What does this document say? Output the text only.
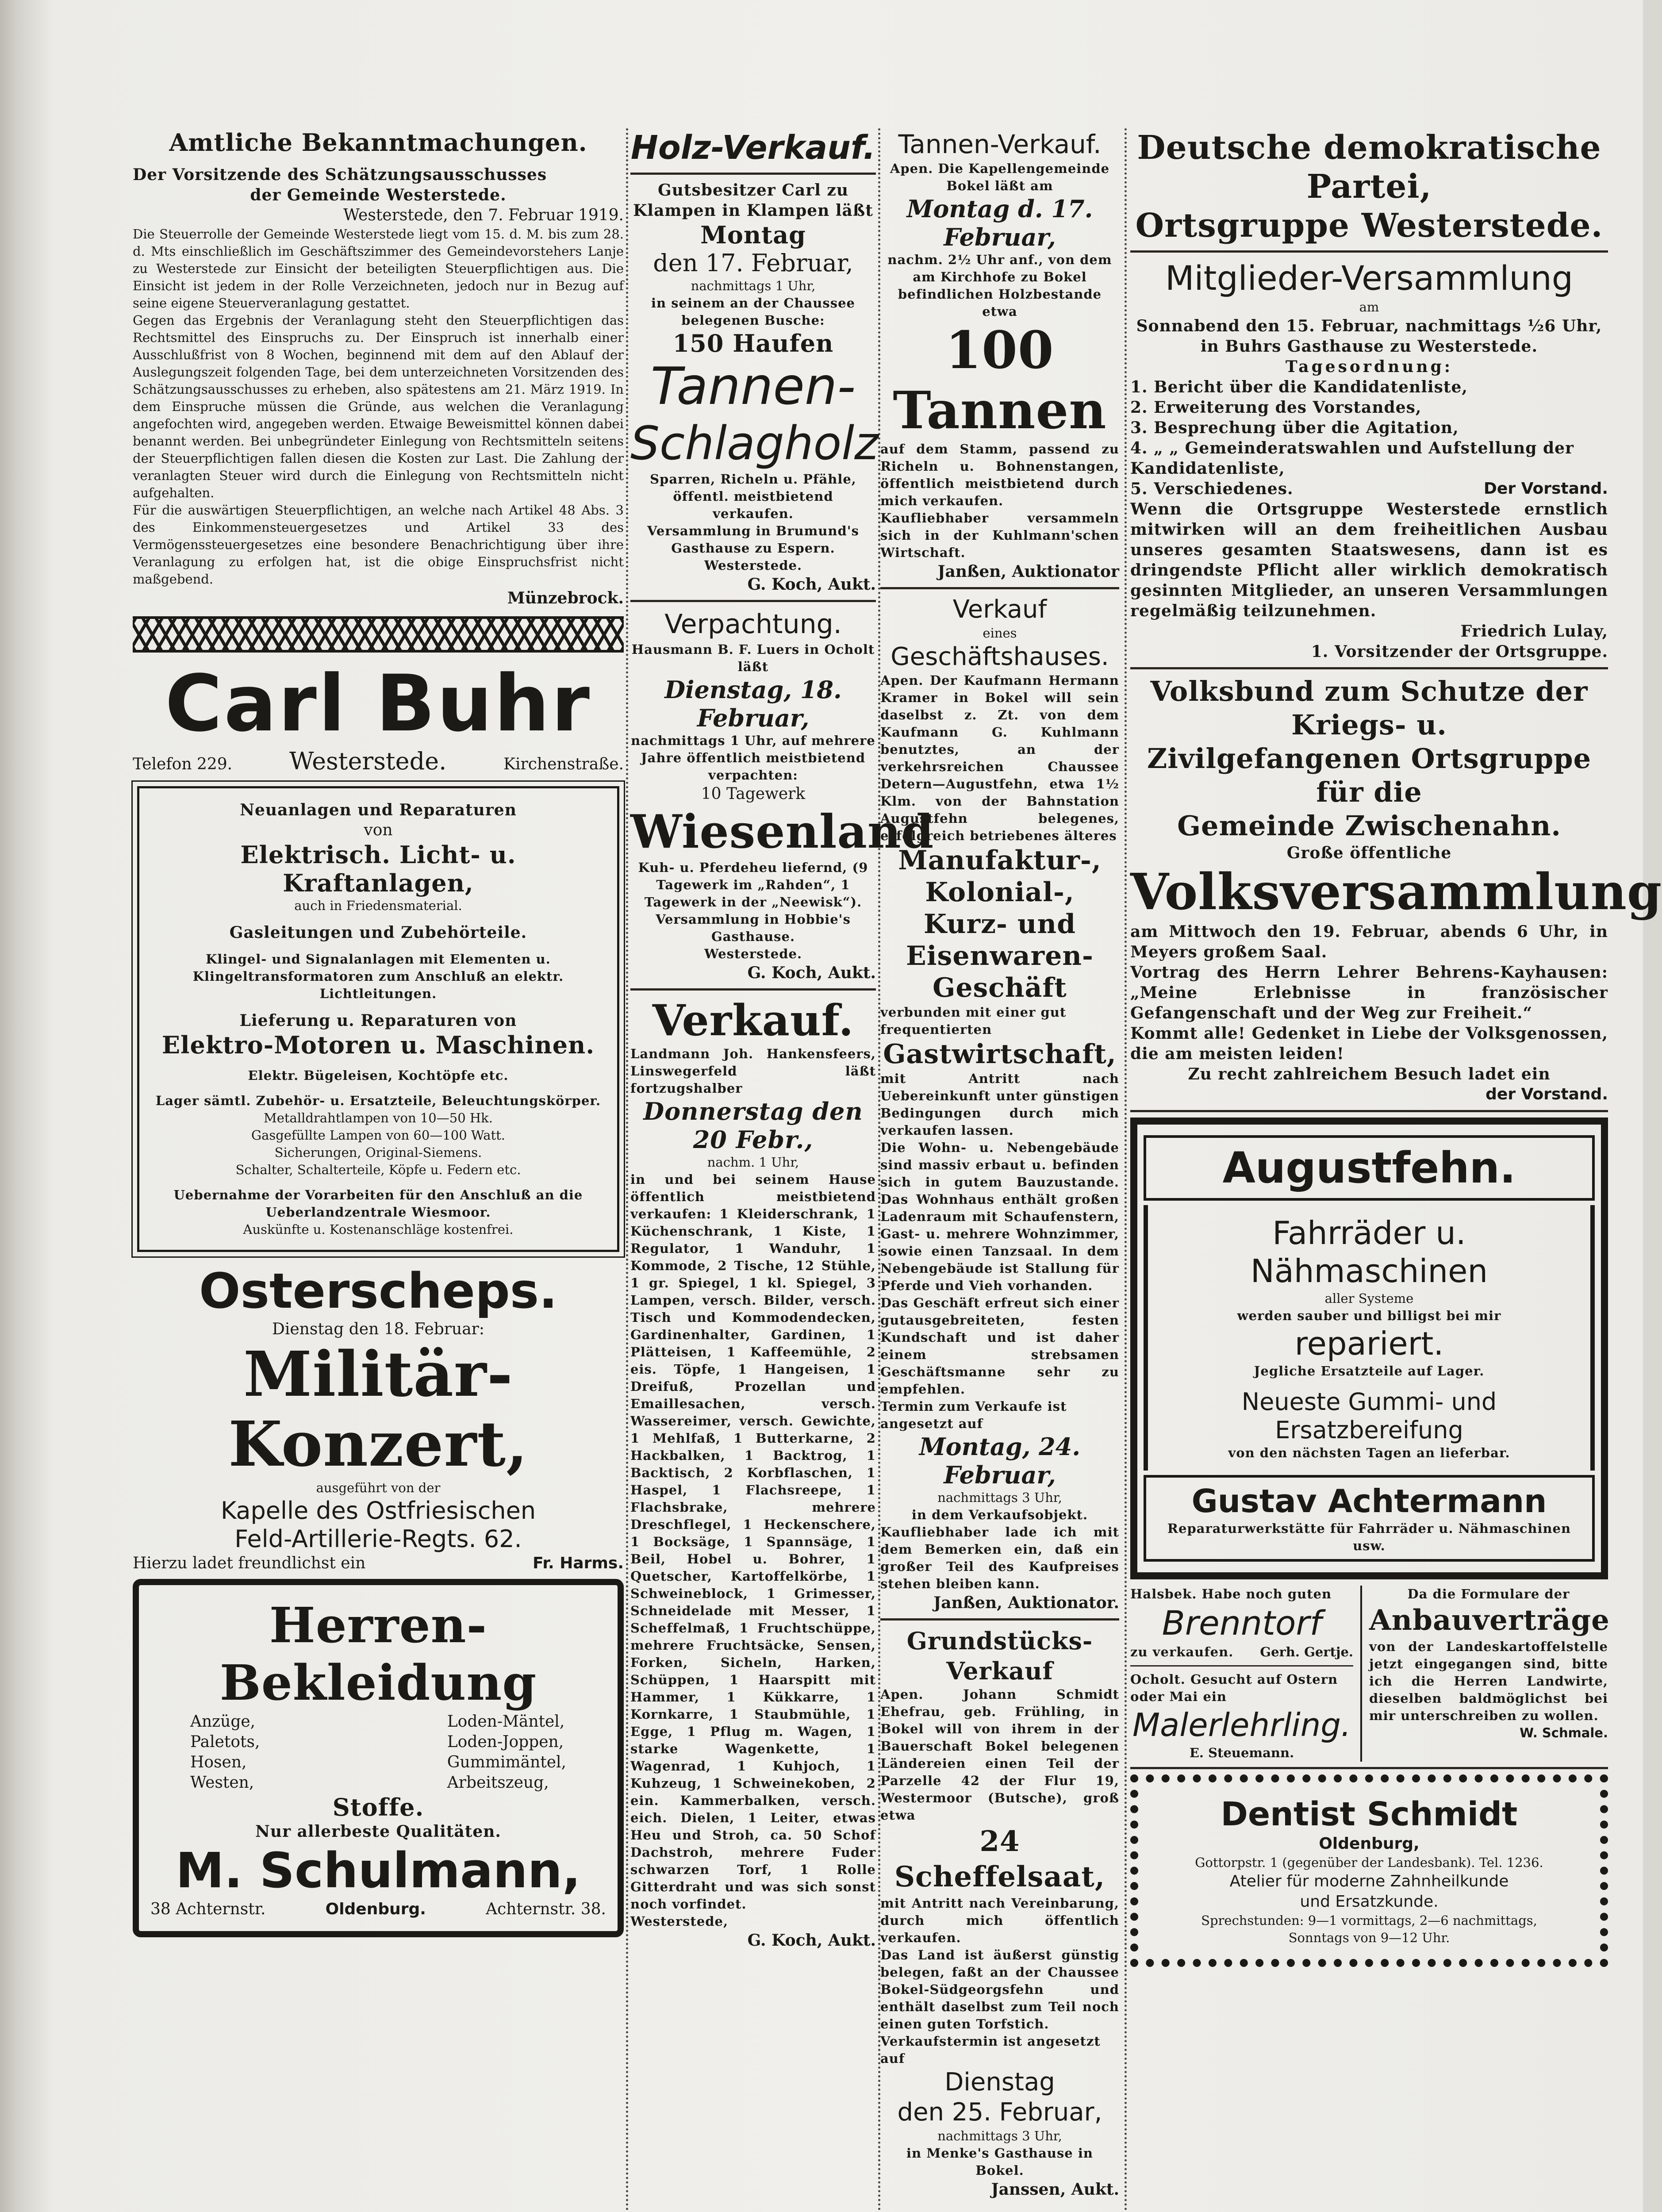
Amtliche Bekanntmachungen.

Der Vorsitzende des Schätzungsausschusses

der Gemeinde Westerstede.

Westerstede, den 7. Februar 1919.

Die Steuerrolle der Gemeinde Westerstede liegt vom 15. d. M. bis zum 28. d. Mts einschließlich im Geschäftszimmer des Gemeindevorstehers Lanje zu Westerstede zur Einsicht der beteiligten Steuerpflichtigen aus. Die Einsicht ist jedem in der Rolle Verzeichneten, jedoch nur in Bezug auf seine eigene Steuerveranlagung gestattet.

Gegen das Ergebnis der Veranlagung steht den Steuerpflichtigen das Rechtsmittel des Einspruchs zu. Der Einspruch ist innerhalb einer Ausschlußfrist von 8 Wochen, beginnend mit dem auf den Ablauf der Auslegungszeit folgenden Tage, bei dem unterzeichneten Vorsitzenden des Schätzungsausschusses zu erheben, also spätestens am 21. März 1919. In dem Einspruche müssen die Gründe, aus welchen die Veranlagung angefochten wird, angegeben werden. Etwaige Beweismittel können dabei benannt werden. Bei unbegründeter Einlegung von Rechtsmitteln seitens der Steuerpflichtigen fallen diesen die Kosten zur Last. Die Zahlung der veranlagten Steuer wird durch die Einlegung von Rechtsmitteln nicht aufgehalten.

Für die auswärtigen Steuerpflichtigen, an welche nach Artikel 48 Abs. 3 des Einkommensteuergesetzes und Artikel 33 des Vermögenssteuergesetzes eine besondere Benachrichtigung über ihre Veranlagung zu erfolgen hat, ist die obige Einspruchsfrist nicht maßgebend.

Münzebrock.

Carl Buhr

Telefon 229. Westerstede.	Kirchenstraße.

Neuanlagen und Reparaturen

von

Elektrisch. Licht- u. Kraftanlagen,

auch in Friedensmaterial.

Gasleitungen und Zubehörteile.

Klingel- und Signalanlagen mit Elementen u. Klingeltransformatoren zum Anschluß an elektr. Lichtleitungen.

Lieferung u. Reparaturen von

Elektro-Motoren u. Maschinen.

Elektr. Bügeleisen, Kochtöpfe etc.

Lager sämtl. Zubehör- u. Ersatzteile, Beleuchtungskörper.

Metalldrahtlampen von 10—50 Hk.

Gasgefüllte Lampen von 60—100 Watt.

Sicherungen, Original-Siemens.

Schalter, Schalterteile, Köpfe u. Federn etc.

Uebernahme der Vorarbeiten für den Anschluß an die Ueberlandzentrale Wiesmoor.

Auskünfte u. Kostenanschläge kostenfrei.

Osterscheps.

Dienstag den 18. Februar:

Militär-Konzert,

ausgeführt von der

Kapelle des Ostfriesischen

Feld-Artillerie-Regts. 62.

Hierzu ladet freundlichst ein	Fr. Harms.

Herren-Bekleidung

Anzüge,

Paletots,

Hosen,

Westen,

Loden-Mäntel,

Loden-Joppen,

Gummimäntel,

Arbeitszeug,

Stoffe.

Nur allerbeste Qualitäten.

M. Schulmann,

38 Achternstr.	Oldenburg.	Achternstr. 38.

Holz-Verkauf.

Gutsbesitzer Carl zu Klampen in Klampen läßt

Montag

den 17. Februar,

nachmittags 1 Uhr,

in seinem an der Chaussee belegenen Busche:

150 Haufen

Tannen-

Schlagholz

Sparren, Richeln u. Pfähle,

öffentl. meistbietend verkaufen.

Versammlung in Brumund's Gasthause zu Espern.

Westerstede.

G. Koch, Aukt.

Verpachtung.

Hausmann B. F. Luers in Ocholt läßt

Dienstag, 18. Februar,

nachmittags 1 Uhr, auf mehrere Jahre öffentlich meistbietend verpachten:

10 Tagewerk

Wiesenland

Kuh- u. Pferdeheu liefernd, (9 Tagewerk im „Rahden“, 1 Tagewerk in der „Neewisk“).

Versammlung in Hobbie's Gasthause.

Westerstede.

G. Koch, Aukt.

Verkauf.

Landmann Joh. Hankensfeers, Linswegerfeld läßt fortzugshalber

Donnerstag den 20 Febr.,

nachm. 1 Uhr,

in und bei seinem Hause öffentlich meistbietend verkaufen: 1 Kleiderschrank, 1 Küchenschrank, 1 Kiste, 1 Regulator, 1 Wanduhr, 1 Kommode, 2 Tische, 12 Stühle, 1 gr. Spiegel, 1 kl. Spiegel, 3 Lampen, versch. Bilder, versch. Tisch und Kommodendecken, Gardinenhalter, Gardinen, 1 Plätteisen, 1 Kaffeemühle, 2 eis. Töpfe, 1 Hangeisen, 1 Dreifuß, Prozellan und Emaillesachen, versch. Wassereimer, versch. Gewichte, 1 Mehlfaß, 1 Butterkarne, 2 Hackbalken, 1 Backtrog, 1 Backtisch, 2 Korbflaschen, 1 Haspel, 1 Flachsreepe, 1 Flachsbrake, mehrere Dreschflegel, 1 Heckenschere, 1 Bocksäge, 1 Spannsäge, 1 Beil, Hobel u. Bohrer, 1 Quetscher, Kartoffelkörbe, 1 Schweineblock, 1 Grimesser, Schneidelade mit Messer, 1 Scheffelmaß, 1 Fruchtschüppe, mehrere Fruchtsäcke, Sensen, Forken, Sicheln, Harken, Schüppen, 1 Haarspitt mit Hammer, 1 Kükkarre, 1 Kornkarre, 1 Staubmühle, 1 Egge, 1 Pflug m. Wagen, 1 starke Wagenkette, 1 Wagenrad, 1 Kuhjoch, 1 Kuhzeug, 1 Schweinekoben, 2 ein. Kammerbalken, versch. eich. Dielen, 1 Leiter, etwas Heu und Stroh, ca. 50 Schof Dachstroh, mehrere Fuder schwarzen Torf, 1 Rolle Gitterdraht und was sich sonst noch vorfindet.

Westerstede,

G. Koch, Aukt.

Tannen-Verkauf.

Apen. Die Kapellengemeinde Bokel läßt am

Montag d. 17. Februar,

nachm. 2½ Uhr anf., von dem am Kirchhofe zu Bokel befindlichen Holzbestande etwa

100 Tannen

auf dem Stamm, passend zu Richeln u. Bohnenstangen, öffentlich meistbietend durch mich verkaufen.

Kaufliebhaber versammeln sich in der Kuhlmann'schen Wirtschaft.

Janßen, Auktionator

Verkauf

eines

Geschäftshauses.

Apen. Der Kaufmann Hermann Kramer in Bokel will sein daselbst z. Zt. von dem Kaufmann G. Kuhlmann benutztes, an der verkehrsreichen Chaussee Detern—Augustfehn, etwa 1½ Klm. von der Bahnstation Augustfehn belegenes, erfolgreich betriebenes älteres

Manufaktur-,

Kolonial-, Kurz- und

Eisenwaren-Geschäft

verbunden mit einer gut frequentierten

Gastwirtschaft,

mit Antritt nach Uebereinkunft unter günstigen Bedingungen durch mich verkaufen lassen.

Die Wohn- u. Nebengebäude sind massiv erbaut u. befinden sich in gutem Bauzustande. Das Wohnhaus enthält großen Ladenraum mit Schaufenstern, Gast- u. mehrere Wohnzimmer, sowie einen Tanzsaal. In dem Nebengebäude ist Stallung für Pferde und Vieh vorhanden.

Das Geschäft erfreut sich einer gutausgebreiteten, festen Kundschaft und ist daher einem strebsamen Geschäftsmanne sehr zu empfehlen.

Termin zum Verkaufe ist angesetzt auf

Montag, 24. Februar,

nachmittags 3 Uhr,

in dem Verkaufsobjekt.

Kaufliebhaber lade ich mit dem Bemerken ein, daß ein großer Teil des Kaufpreises stehen bleiben kann.

Janßen, Auktionator.

Grundstücks-Verkauf

Apen. Johann Schmidt Ehefrau, geb. Frühling, in Bokel will von ihrem in der Bauerschaft Bokel belegenen Ländereien einen Teil der Parzelle 42 der Flur 19, Westermoor (Butsche), groß etwa

24 Scheffelsaat,

mit Antritt nach Vereinbarung, durch mich öffentlich verkaufen.

Das Land ist äußerst günstig belegen, faßt an der Chaussee Bokel-Südgeorgsfehn und enthält daselbst zum Teil noch einen guten Torfstich.

Verkaufstermin ist angesetzt auf

Dienstag

den 25. Februar,

nachmittags 3 Uhr,

in Menke's Gasthause in Bokel.

Janssen, Aukt.

Deutsche demokratische Partei,

Ortsgruppe Westerstede.

Mitglieder-Versammlung

am

Sonnabend den 15. Februar, nachmittags ½6 Uhr,

in Buhrs Gasthause zu Westerstede.

Tagesordnung:

1. Bericht über die Kandidatenliste,

2. Erweiterung des Vorstandes,

3. Besprechung über die Agitation,

4. „ „ Gemeinderatswahlen und Aufstellung der Kandidatenliste,

5. Verschiedenes.	Der Vorstand.

Wenn die Ortsgruppe Westerstede ernstlich mitwirken will an dem freiheitlichen Ausbau unseres gesamten Staatswesens, dann ist es dringendste Pflicht aller wirklich demokratisch gesinnten Mitglieder, an unseren Versammlungen regelmäßig teilzunehmen.

Friedrich Lulay,

1. Vorsitzender der Ortsgruppe.

Volksbund zum Schutze der Kriegs- u.

Zivilgefangenen Ortsgruppe für die

Gemeinde Zwischenahn.

Große öffentliche

Volksversammlung

am Mittwoch den 19. Februar, abends 6 Uhr, in Meyers großem Saal.

Vortrag des Herrn Lehrer Behrens-Kayhausen: „Meine Erlebnisse in französischer Gefangenschaft und der Weg zur Freiheit.“

Kommt alle! Gedenket in Liebe der Volksgenossen, die am meisten leiden!

Zu recht zahlreichem Besuch ladet ein

der Vorstand.

Augustfehn.

Fahrräder u.

Nähmaschinen

aller Systeme

werden sauber und billigst bei mir

repariert.

Jegliche Ersatzteile auf Lager.

Neueste Gummi- und

Ersatzbereifung

von den nächsten Tagen an lieferbar.

Gustav Achtermann

Reparaturwerkstätte für Fahrräder u. Nähmaschinen usw.

Halsbek. Habe noch guten

Brenntorf

zu verkaufen. Gerh. Gertje.

Ocholt. Gesucht auf Ostern oder Mai ein

Malerlehrling.

E. Steuemann.

Da die Formulare der

Anbauverträge

von der Landeskartoffelstelle jetzt eingegangen sind, bitte ich die Herren Landwirte, dieselben baldmöglichst bei mir unterschreiben zu wollen.

W. Schmale.

Dentist Schmidt

Oldenburg,

Gottorpstr. 1 (gegenüber der Landesbank). Tel. 1236.

Atelier für moderne Zahnheilkunde

und Ersatzkunde.

Sprechstunden: 9—1 vormittags, 2—6 nachmittags,

Sonntags von 9—12 Uhr.
